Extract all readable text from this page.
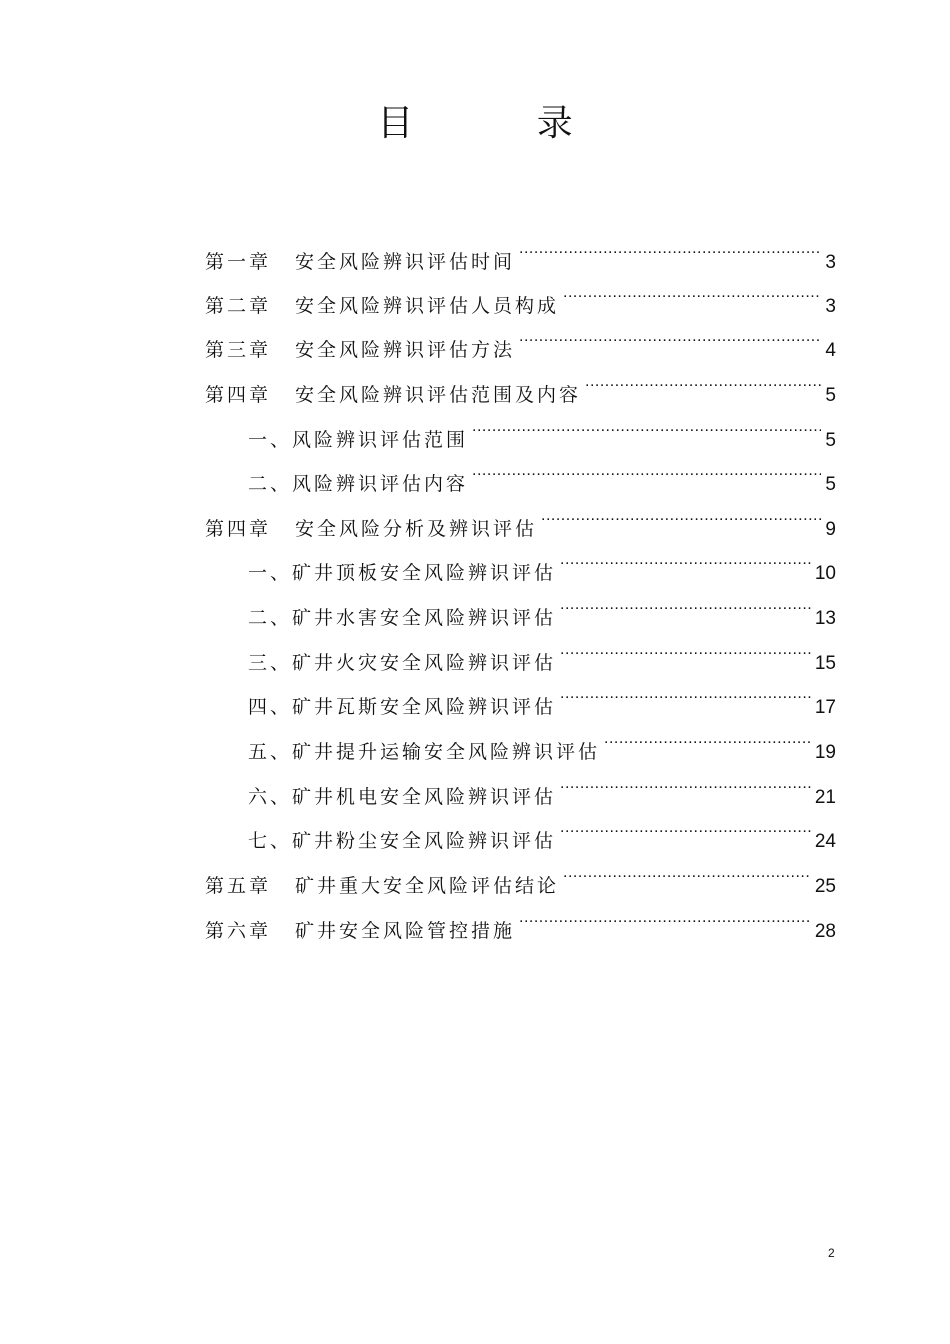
目 录
第一章 安全风险辨识评估时间 .....	3
第二章 安全风险辨识评估人员构成 .....	3
第三章 安全风险辨识评估方法 .....	4
第四章 安全风险辨识评估范围及内容 .....	5
一、风险辨识评估范围 .....	5
二、风险辨识评估内容 .....	5
第四章 安全风险分析及辨识评估 .....	9
一、矿井顶板安全风险辨识评估 .....	10
二、矿井水害安全风险辨识评估 .....	13
三、矿井火灾安全风险辨识评估 .....	15
四、矿井瓦斯安全风险辨识评估 .....	17
五、矿井提升运输安全风险辨识评估 .....	19
六、矿井机电安全风险辨识评估 .....	21
七、矿井粉尘安全风险辨识评估 .....	24
第五章 矿井重大安全风险评估结论 .....	25
第六章 矿井安全风险管控措施 .....	28
2
